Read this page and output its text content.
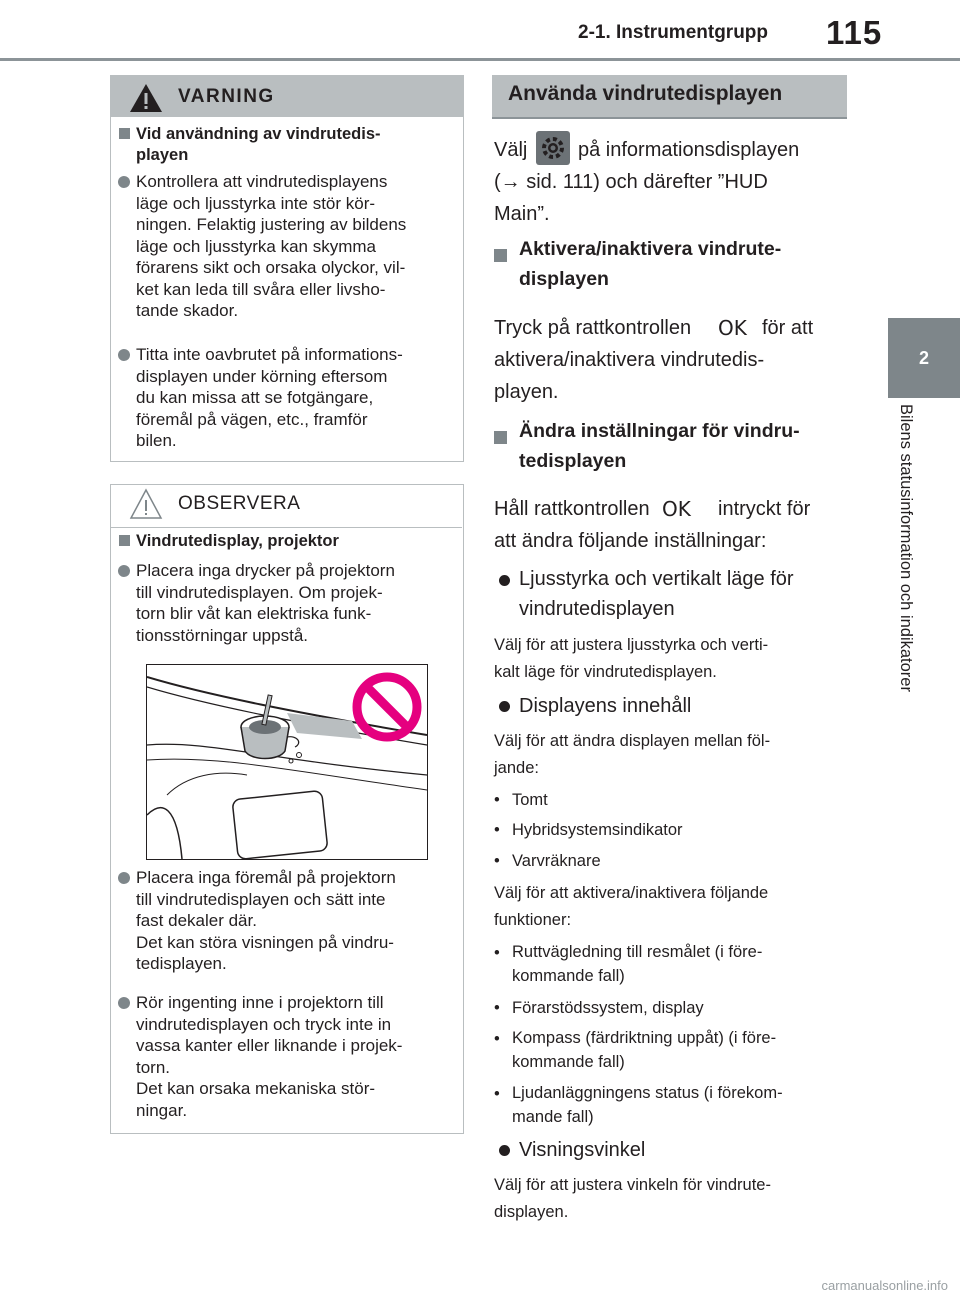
2-1. Instrumentgrupp 115
2
Bilens statusinformation och indikatorer
VARNING
Vid användning av vindrutedis-
playen
Kontrollera att vindrutedisplayens
läge och ljusstyrka inte stör kör-
ningen. Felaktig justering av bildens
läge och ljusstyrka kan skymma
förarens sikt och orsaka olyckor, vil-
ket kan leda till svåra eller livsho-
tande skador.
Titta inte oavbrutet på informations-
displayen under körning eftersom
du kan missa att se fotgängare,
föremål på vägen, etc., framför
bilen.
OBSERVERA
Vindrutedisplay, projektor
Placera inga drycker på projektorn
till vindrutedisplayen. Om projek-
torn blir våt kan elektriska funk-
tionsstörningar uppstå.
Placera inga föremål på projektorn
till vindrutedisplayen och sätt inte
fast dekaler där.
Det kan störa visningen på vindru-
tedisplayen.
Rör ingenting inne i projektorn till
vindrutedisplayen och tryck inte in
vassa kanter eller liknande i projek-
torn.
Det kan orsaka mekaniska stör-
ningar.
Använda vindrutedisplayen
Välj	på informationsdisplayen
(→ sid. 111) och därefter ”HUD
Main”.
Aktivera/inaktivera vindrute-
displayen
Tryck på rattkontrollen OK för att
aktivera/inaktivera vindrutedis-
playen.
Ändra inställningar för vindru-
tedisplayen
Håll rattkontrollen OK intryckt för
att ändra följande inställningar:
Ljusstyrka och vertikalt läge för
vindrutedisplayen
Välj för att justera ljusstyrka och verti-
kalt läge för vindrutedisplayen.
Displayens innehåll
Välj för att ändra displayen mellan föl-
jande:
• Tomt
• Hybridsystemsindikator
• Varvräknare
Välj för att aktivera/inaktivera följande
funktioner:
• Ruttvägledning till resmålet (i före-
kommande fall)
• Förarstödssystem, display
• Kompass (färdriktning uppåt) (i före-
kommande fall)
• Ljudanläggningens status (i förekom-
mande fall)
Visningsvinkel
Välj för att justera vinkeln för vindrute-
displayen.
carmanualsonline.info
